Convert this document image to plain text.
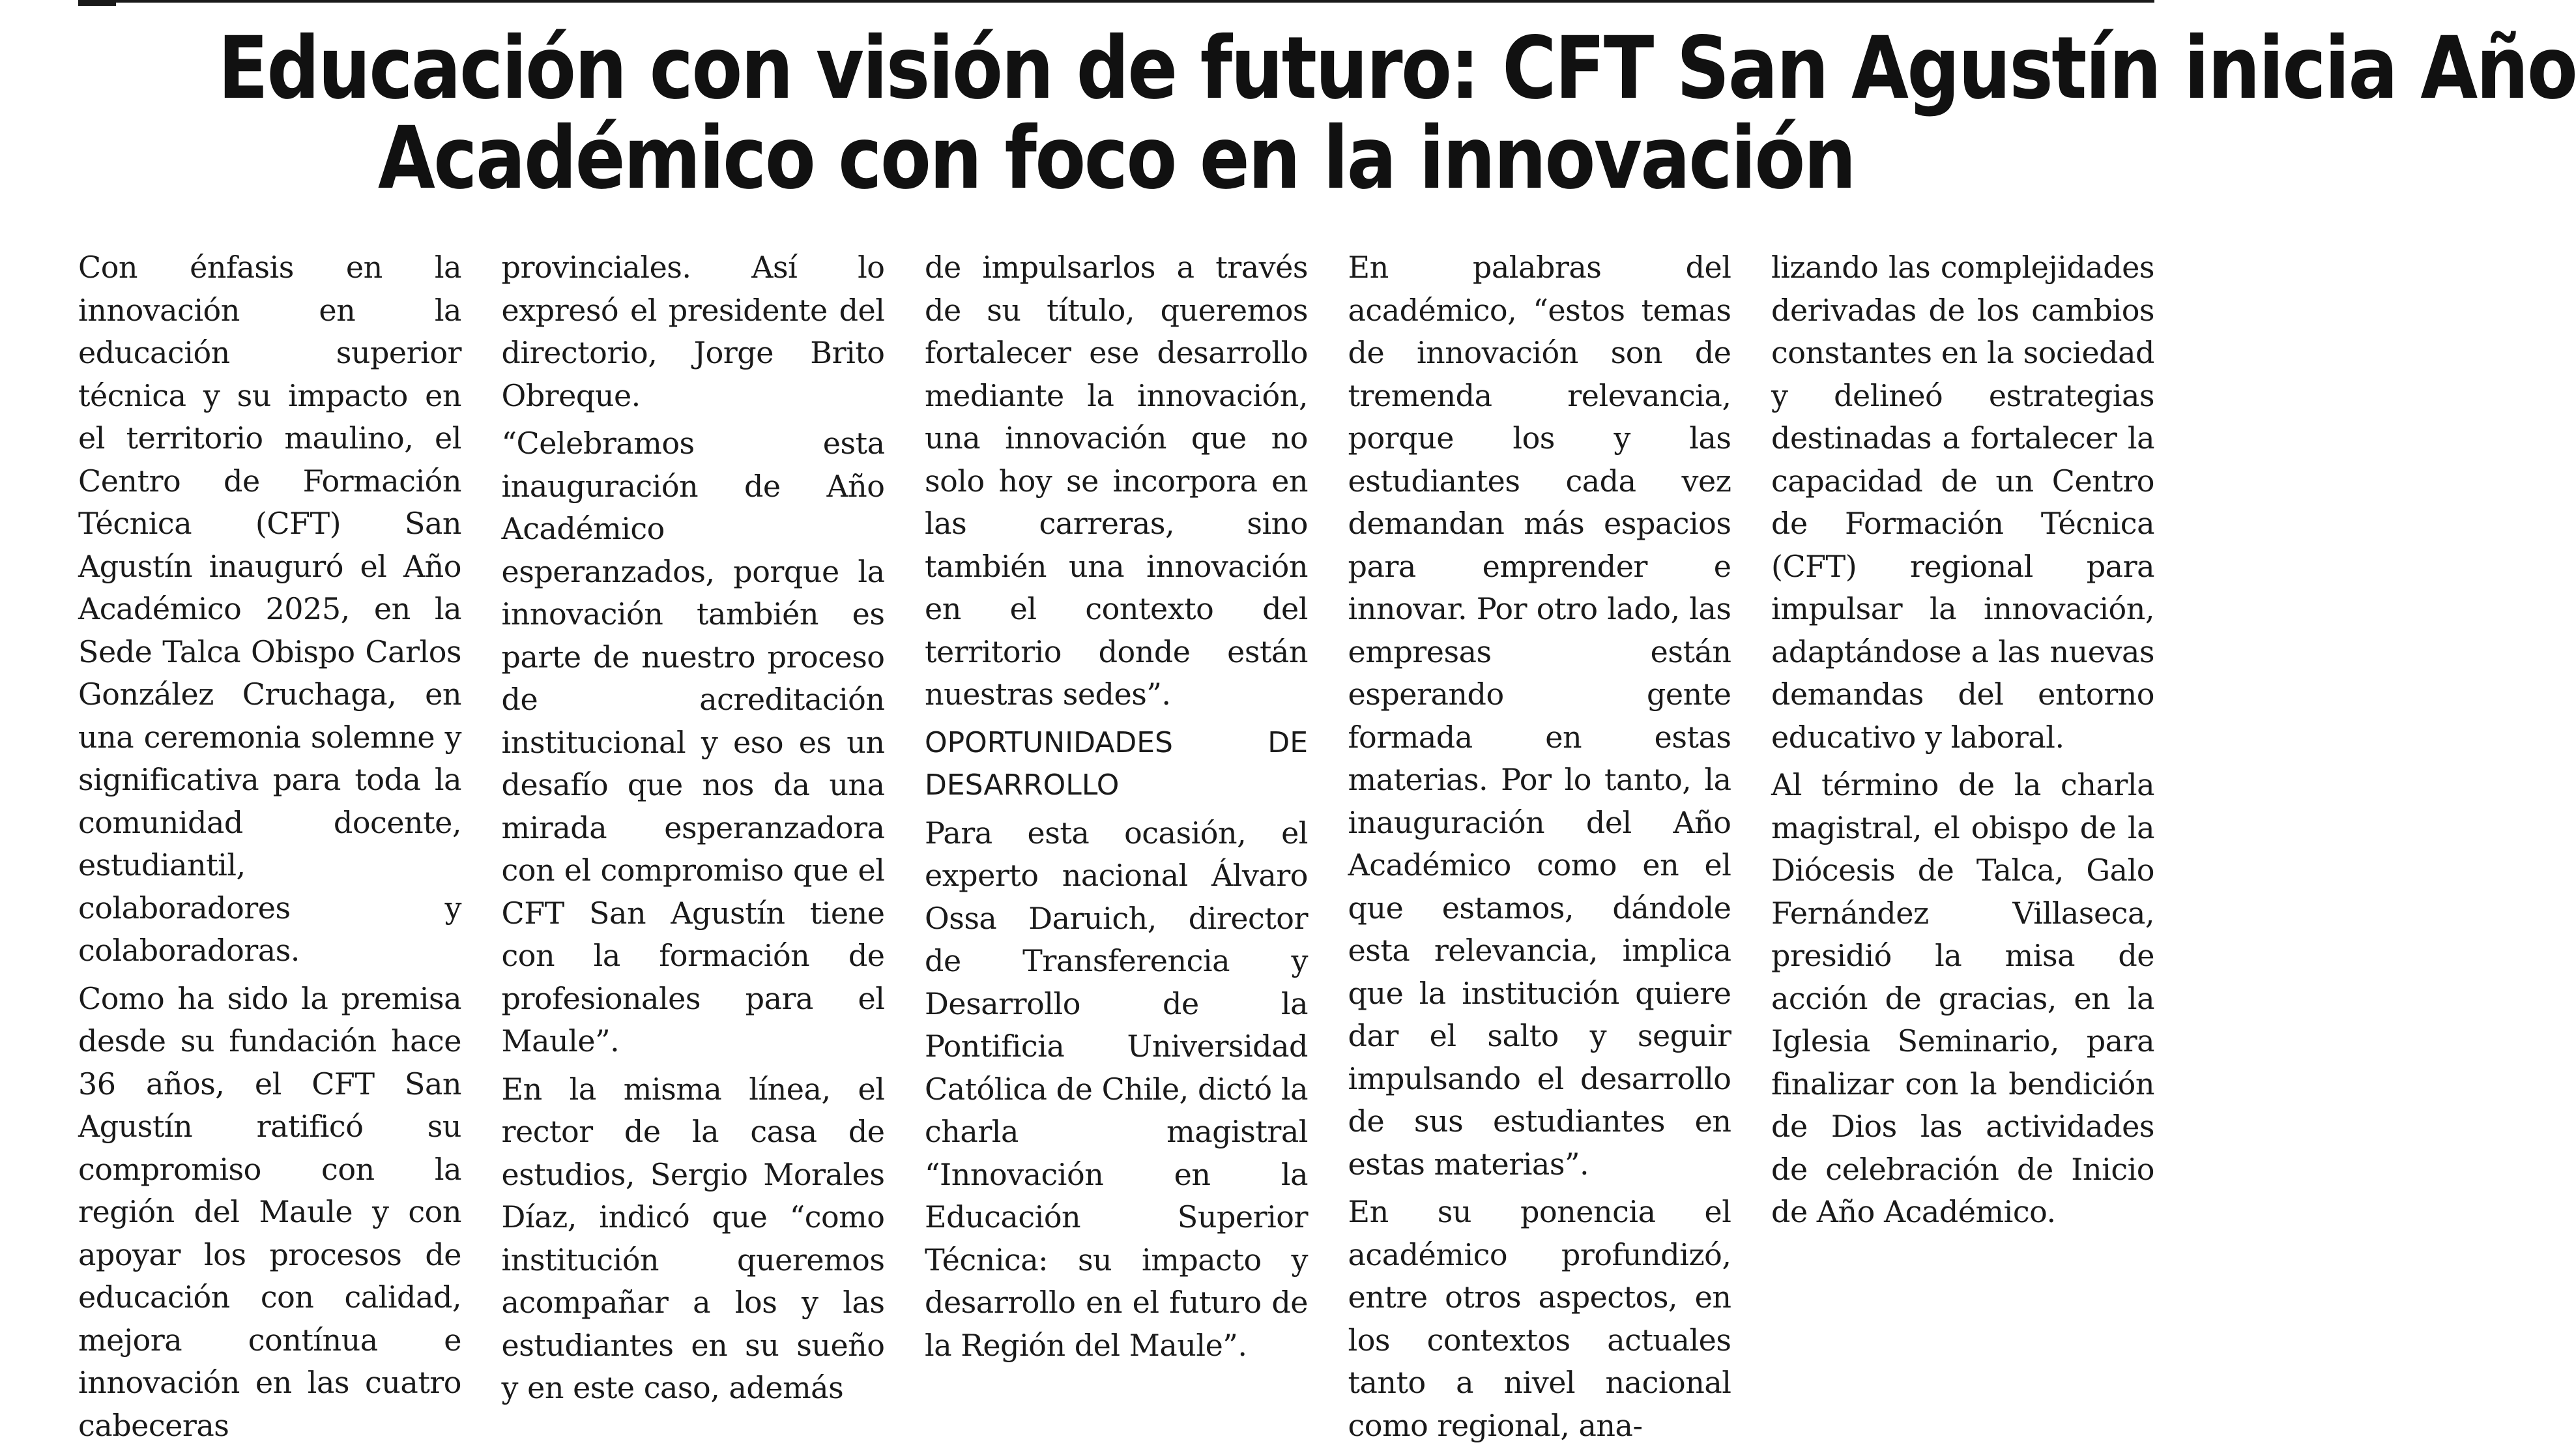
Educación con visión de futuro: CFT San Agustín inicia Año
Académico con foco en la innovación

Con énfasis en la innovación en la educación superior técnica y su impacto en el territorio maulino, el Centro de Formación Técnica (CFT) San Agustín inauguró el Año Académico 2025, en la Sede Talca Obispo Carlos González Cruchaga, en una ceremonia solemne y significativa para toda la comunidad docente, estudiantil, colaboradores y colaboradoras.

Como ha sido la premisa desde su fundación hace 36 años, el CFT San Agustín ratificó su compromiso con la región del Maule y con apoyar los procesos de educación con calidad, mejora contínua e innovación en las cuatro cabeceras

provinciales. Así lo expresó el presidente del directorio, Jorge Brito Obreque.

“Celebramos esta inauguración de Año Académico esperanzados, porque la innovación también es parte de nuestro proceso de acreditación institucional y eso es un desafío que nos da una mirada esperanzadora con el compromiso que el CFT San Agustín tiene con la formación de profesionales para el Maule”.

En la misma línea, el rector de la casa de estudios, Sergio Morales Díaz, indicó que “como institución queremos acompañar a los y las estudiantes en su sueño y en este caso, además

de impulsarlos a través de su título, queremos fortalecer ese desarrollo mediante la innovación, una innovación que no solo hoy se incorpora en las carreras, sino también una innovación en el contexto del territorio donde están nuestras sedes”.

OPORTUNIDADES DE DESARROLLO

Para esta ocasión, el experto nacional Álvaro Ossa Daruich, director de Transferencia y Desarrollo de la Pontificia Universidad Católica de Chile, dictó la charla magistral “Innovación en la Educación Superior Técnica: su impacto y desarrollo en el futuro de la Región del Maule”.

En palabras del académico, “estos temas de innovación son de tremenda relevancia, porque los y las estudiantes cada vez demandan más espacios para emprender e innovar. Por otro lado, las empresas están esperando gente formada en estas materias. Por lo tanto, la inauguración del Año Académico como en el que estamos, dándole esta relevancia, implica que la institución quiere dar el salto y seguir impulsando el desarrollo de sus estudiantes en estas materias”.

En su ponencia el académico profundizó, entre otros aspectos, en los contextos actuales tanto a nivel nacional como regional, ana-

lizando las complejidades derivadas de los cambios constantes en la sociedad y delineó estrategias destinadas a fortalecer la capacidad de un Centro de Formación Técnica (CFT) regional para impulsar la innovación, adaptándose a las nuevas demandas del entorno educativo y laboral.

Al término de la charla magistral, el obispo de la Diócesis de Talca, Galo Fernández Villaseca, presidió la misa de acción de gracias, en la Iglesia Seminario, para finalizar con la bendición de Dios las actividades de celebración de Inicio de Año Académico.
